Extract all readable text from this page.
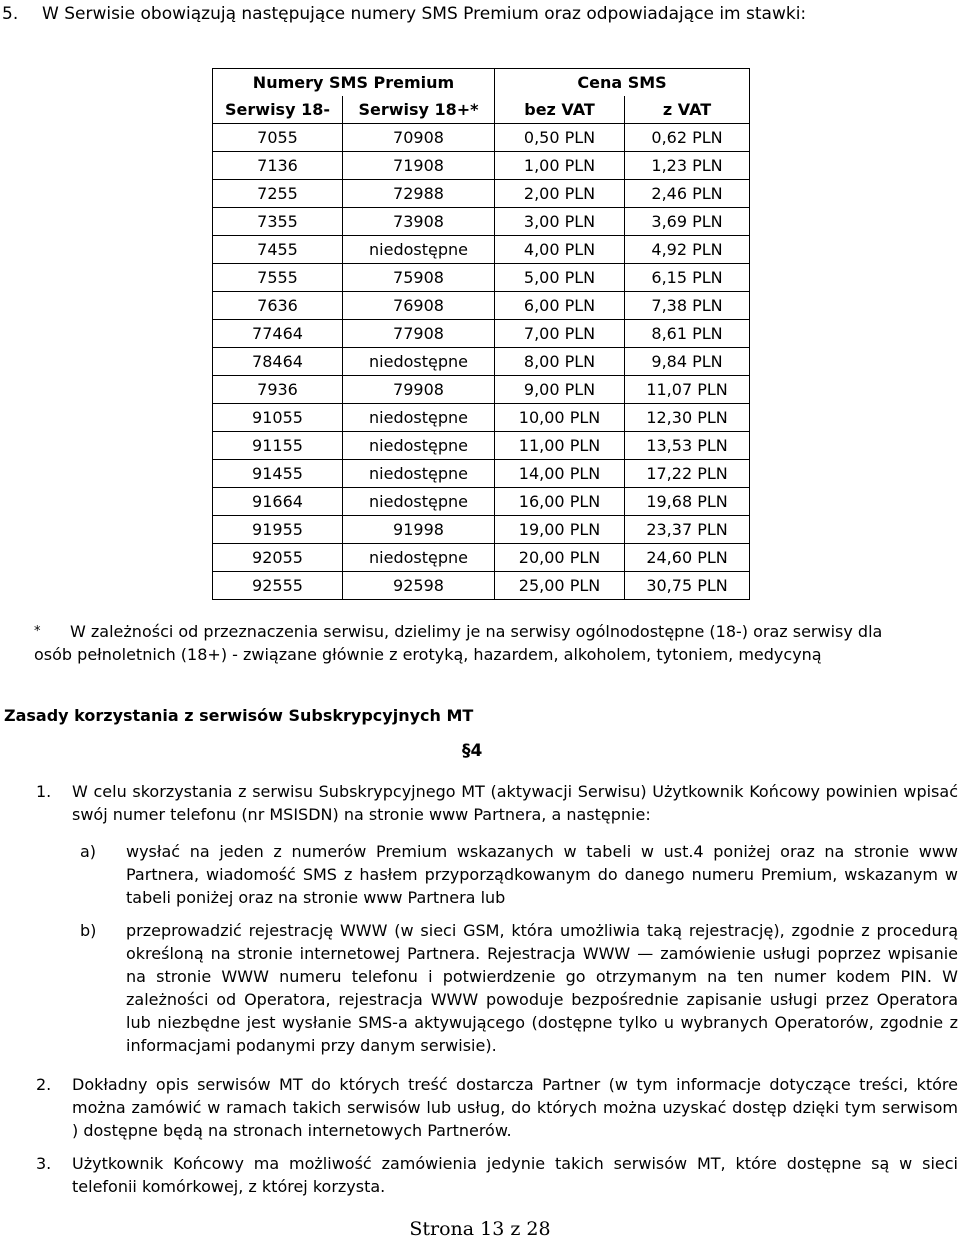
5. W Serwisie obowiązują następujące numery SMS Premium oraz odpowiadające im stawki:
Numery SMS Premium		Cena SMS	
Serwisy 18-	Serwisy 18+*	bez VAT	z VAT
7055	70908	0,50 PLN	0,62 PLN
7136	71908	1,00 PLN	1,23 PLN
7255	72988	2,00 PLN	2,46 PLN
7355	73908	3,00 PLN	3,69 PLN
7455	niedostępne	4,00 PLN	4,92 PLN
7555	75908	5,00 PLN	6,15 PLN
7636	76908	6,00 PLN	7,38 PLN
77464	77908	7,00 PLN	8,61 PLN
78464	niedostępne	8,00 PLN	9,84 PLN
7936	79908	9,00 PLN	11,07 PLN
91055	niedostępne	10,00 PLN	12,30 PLN
91155	niedostępne	11,00 PLN	13,53 PLN
91455	niedostępne	14,00 PLN	17,22 PLN
91664	niedostępne	16,00 PLN	19,68 PLN
91955	91998	19,00 PLN	23,37 PLN
92055	niedostępne	20,00 PLN	24,60 PLN
92555	92598	25,00 PLN	30,75 PLN
* W zależności od przeznaczenia serwisu, dzielimy je na serwisy ogólnodostępne (18-) oraz serwisy dla
osób pełnoletnich (18+) - związane głównie z erotyką, hazardem, alkoholem, tytoniem, medycyną
Zasady korzystania z serwisów Subskrypcyjnych MT
§4
1. W celu skorzystania z serwisu Subskrypcyjnego MT (aktywacji Serwisu) Użytkownik Końcowy powinien wpisać swój numer telefonu (nr MSISDN) na stronie www Partnera, a następnie:
a) wysłać na jeden z numerów Premium wskazanych w tabeli w ust.4 poniżej oraz na stronie www Partnera, wiadomość SMS z hasłem przyporządkowanym do danego numeru Premium, wskazanym w tabeli poniżej oraz na stronie www Partnera lub
b) przeprowadzić rejestrację WWW (w sieci GSM, która umożliwia taką rejestrację), zgodnie z procedurą określoną na stronie internetowej Partnera. Rejestracja WWW — zamówienie usługi poprzez wpisanie na stronie WWW numeru telefonu i potwierdzenie go otrzymanym na ten numer kodem PIN. W zależności od Operatora, rejestracja WWW powoduje bezpośrednie zapisanie usługi przez Operatora lub niezbędne jest wysłanie SMS-a aktywującego (dostępne tylko u wybranych Operatorów, zgodnie z informacjami podanymi przy danym serwisie).
2. Dokładny opis serwisów MT do których treść dostarcza Partner (w tym informacje dotyczące treści, które można zamówić w ramach takich serwisów lub usług, do których można uzyskać dostęp dzięki tym serwisom ) dostępne będą na stronach internetowych Partnerów.
3. Użytkownik Końcowy ma możliwość zamówienia jedynie takich serwisów MT, które dostępne są w sieci telefonii komórkowej, z której korzysta.
Strona 13 z 28
